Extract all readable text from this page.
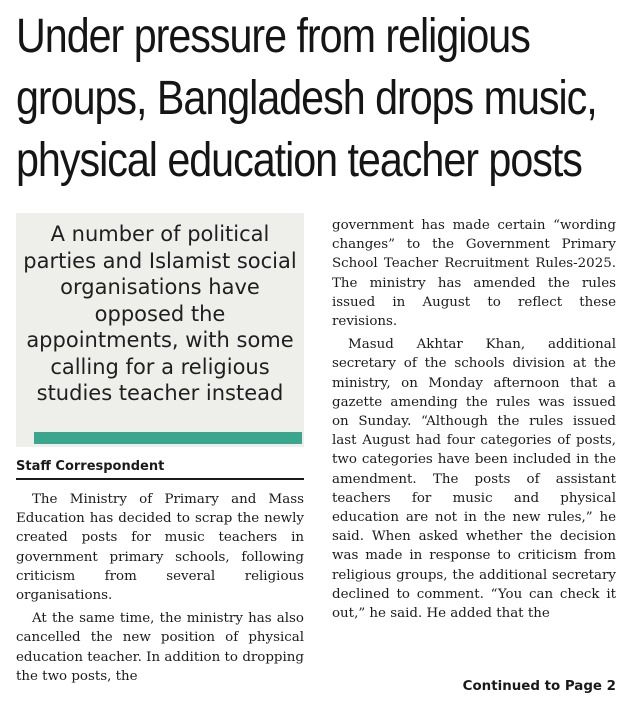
Under pressure from religious groups, Bangladesh drops music, physical education teacher posts

A number of political parties and Islamist social organisations have opposed the appointments, with some calling for a religious studies teacher instead

Staff Correspondent

The Ministry of Primary and Mass Education has decided to scrap the newly created posts for music teachers in government primary schools, following criticism from several religious organisations.

At the same time, the ministry has also cancelled the new position of physical education teacher. In addition to dropping the two posts, the

government has made certain “wording changes” to the Government Primary School Teacher Recruitment Rules-2025. The ministry has amended the rules issued in August to reflect these revisions.

Masud Akhtar Khan, additional secretary of the schools division at the ministry, on Monday afternoon that a gazette amending the rules was issued on Sunday. “Although the rules issued last August had four categories of posts, two categories have been included in the amendment. The posts of assistant teachers for music and physical education are not in the new rules,” he said. When asked whether the decision was made in response to criticism from religious groups, the additional secretary declined to comment. “You can check it out,” he said. He added that the

Continued to Page 2
